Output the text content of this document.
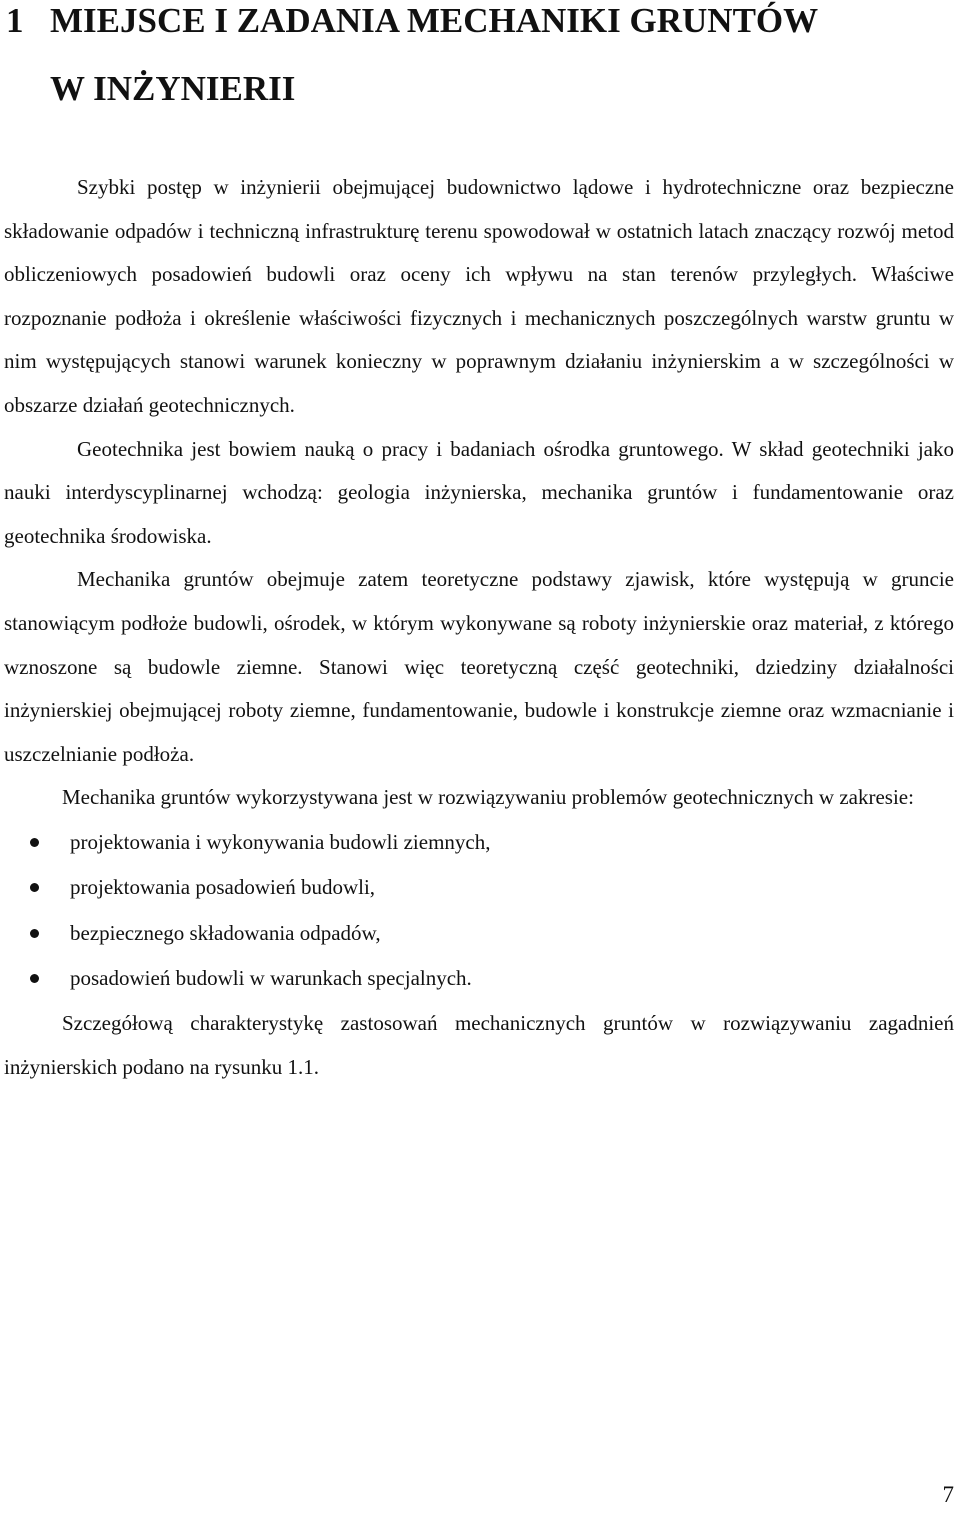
1 MIEJSCE I ZADANIA MECHANIKI GRUNTÓW
W INŻYNIERII

Szybki postęp w inżynierii obejmującej budownictwo lądowe i hydrotechniczne oraz bezpieczne składowanie odpadów i techniczną infrastrukturę terenu spowodował w ostatnich latach znaczący rozwój metod obliczeniowych posadowień budowli oraz oceny ich wpływu na stan terenów przyległych. Właściwe rozpoznanie podłoża i określenie właściwości fizycznych i mechanicznych poszczególnych warstw gruntu w nim występujących stanowi warunek konieczny w poprawnym działaniu inżynierskim a w szczególności w obszarze działań geotechnicznych.

Geotechnika jest bowiem nauką o pracy i badaniach ośrodka gruntowego. W skład geotechniki jako nauki interdyscyplinarnej wchodzą: geologia inżynierska, mechanika gruntów i fundamentowanie oraz geotechnika środowiska.

Mechanika gruntów obejmuje zatem teoretyczne podstawy zjawisk, które występują w gruncie stanowiącym podłoże budowli, ośrodek, w którym wykonywane są roboty inżynierskie oraz materiał, z którego wznoszone są budowle ziemne. Stanowi więc teoretyczną część geotechniki, dziedziny działalności inżynierskiej obejmującej roboty ziemne, fundamentowanie, budowle i konstrukcje ziemne oraz wzmacnianie i uszczelnianie podłoża.

Mechanika gruntów wykorzystywana jest w rozwiązywaniu problemów geotechnicznych w zakresie:

projektowania i wykonywania budowli ziemnych,
projektowania posadowień budowli,
bezpiecznego składowania odpadów,
posadowień budowli w warunkach specjalnych.

Szczegółową charakterystykę zastosowań mechanicznych gruntów w rozwiązywaniu zagadnień inżynierskich podano na rysunku 1.1.

7
